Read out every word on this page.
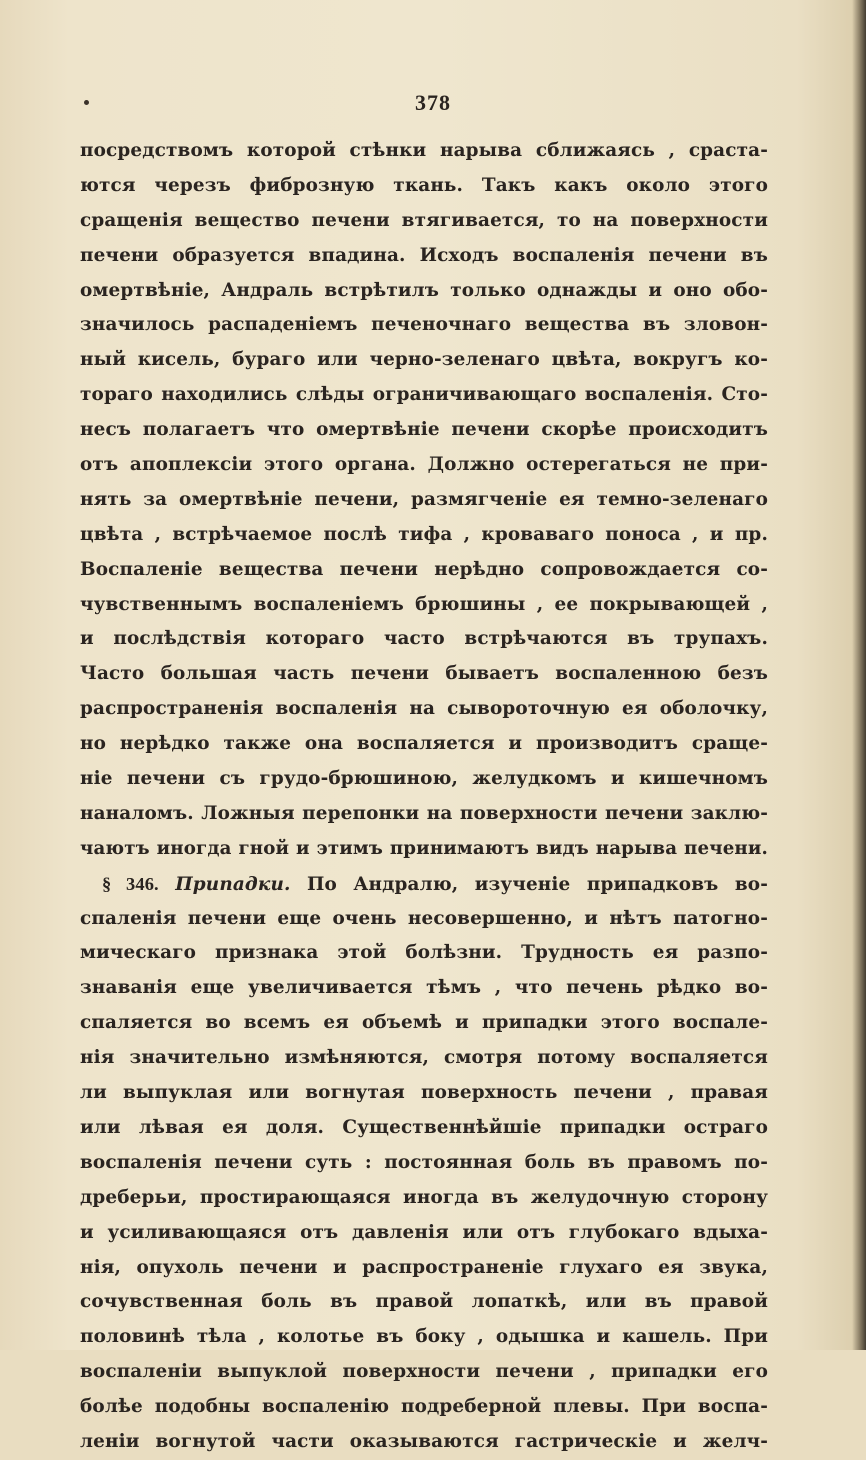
378
посредствомъ которой стѣнки нарыва сближаясь , сраста-
ются черезъ фиброзную ткань. Такъ какъ около этого
сращенія вещество печени втягивается, то на поверхности
печени образуется впадина. Исходъ воспаленія печени въ
омертвѣніе, Андраль встрѣтилъ только однажды и оно обо-
значилось распаденіемъ печеночнаго вещества въ зловон-
ный кисель, бураго или черно-зеленаго цвѣта, вокругъ ко-
тораго находились слѣды ограничивающаго воспаленія. Сто-
несъ полагаетъ что омертвѣніе печени скорѣе происходитъ
отъ апоплексіи этого органа. Должно остерегаться не при-
нять за омертвѣніе печени, размягченіе ея темно-зеленаго
цвѣта , встрѣчаемое послѣ тифа , кроваваго поноса , и пр.
Воспаленіе вещества печени нерѣдно сопровождается со-
чувственнымъ воспаленіемъ брюшины , ее покрывающей ,
и послѣдствія котораго часто встрѣчаются въ трупахъ.
Часто большая часть печени бываетъ воспаленною безъ
распространенія воспаленія на сывороточную ея оболочку,
но нерѣдко также она воспаляется и производитъ сраще-
ніе печени съ грудо-брюшиною, желудкомъ и кишечномъ
наналомъ. Ложныя перепонки на поверхности печени заклю-
чаютъ иногда гной и этимъ принимаютъ видъ нарыва печени.
§ 346. Припадки. По Андралю, изученіе припадковъ во-
спаленія печени еще очень несовершенно, и нѣтъ патогно-
мическаго признака этой болѣзни. Трудность ея разпо-
знаванія еще увеличивается тѣмъ , что печень рѣдко во-
спаляется во всемъ ея объемѣ и припадки этого воспале-
нія значительно измѣняются, смотря потому воспаляется
ли выпуклая или вогнутая поверхность печени , правая
или лѣвая ея доля. Существеннѣйшіе припадки остраго
воспаленія печени суть : постоянная боль въ правомъ по-
дреберьи, простирающаяся иногда въ желудочную сторону
и усиливающаяся отъ давленія или отъ глубокаго вдыха-
нія, опухоль печени и распространеніе глухаго ея звука,
сочувственная боль въ правой лопаткѣ, или въ правой
половинѣ тѣла , колотье въ боку , одышка и кашель. При
воспаленіи выпуклой поверхности печени , припадки его
болѣе подобны воспаленію подреберной плевы. При воспа-
леніи вогнутой части оказываются гастрическіе и желч-
